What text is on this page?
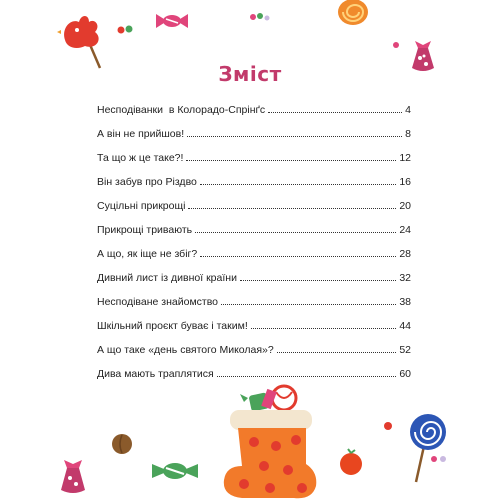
Зміст
Несподіванки  в Колорадо-Спрінґс	4
А він не прийшов!	8
Та що ж це таке?!	12
Він забув про Різдво	16
Суцільні прикрощі	20
Прикрощі тривають	24
А що, як іще не збіг?	28
Дивний лист із дивної країни	32
Несподіване знайомство	38
Шкільний проєкт буває і таким!	44
А що таке «день святого Миколая»?	52
Дива мають траплятися	60
